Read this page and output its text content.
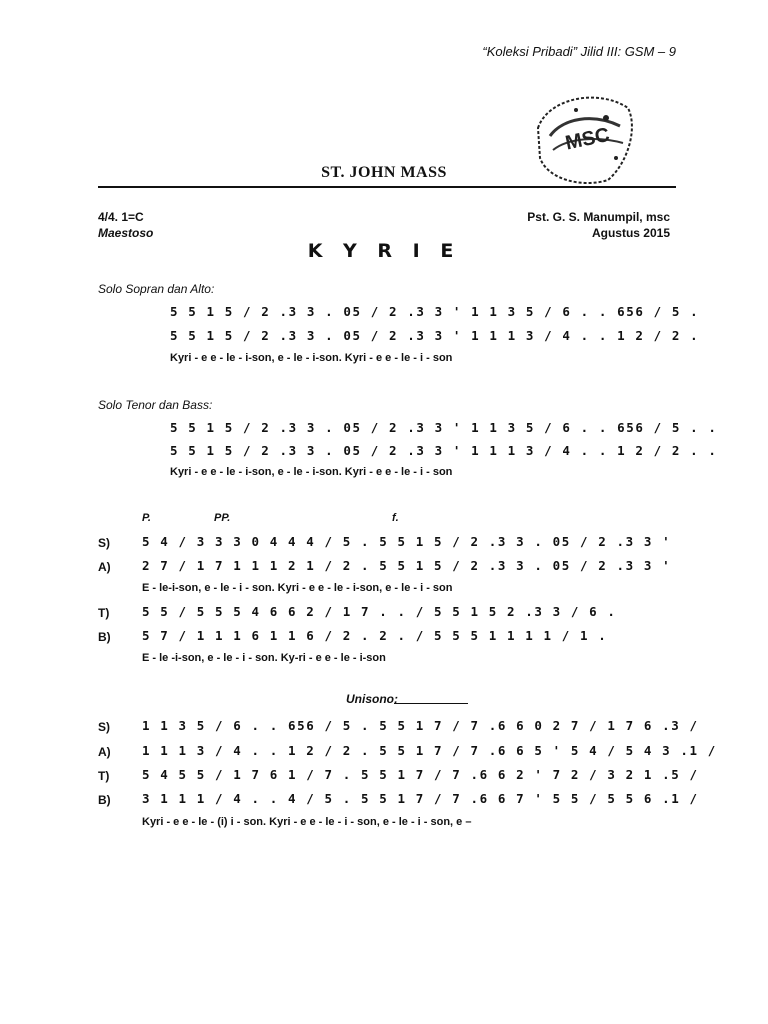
“Koleksi Pribadi” Jilid III: GSM – 9
MSC
ST. JOHN MASS
4/4. 1=C
Maestoso
Pst. G. S. Manumpil, msc
Agustus 2015
K Y R I E
Solo Sopran dan Alto:
5 5 1 5 / 2 .3 3 . 05 / 2 .3 3 ' 1 1 3 5 / 6 . . 656 / 5 .
5 5 1 5 / 2 .3 3 . 05 / 2 .3 3 ' 1 1 1 3 / 4 . . 1 2 / 2 .
Kyri - e e - le - i-son, e - le - i-son. Kyri - e e - le - i - son
Solo Tenor dan Bass:
5 5 1 5 / 2 .3 3 . 05 / 2 .3 3 ' 1 1 3 5 / 6 . . 656 / 5 . .
5 5 1 5 / 2 .3 3 . 05 / 2 .3 3 ' 1 1 1 3 / 4 . . 1 2 / 2 . .
Kyri - e e - le - i-son, e - le - i-son. Kyri - e e - le - i - son
P.	PP.	f.
S)	5 4 / 3 3 3 0 4 4 4 / 5 . 5 5 1 5 / 2 .3 3 . 05 / 2 .3 3 '
A)	2 7 / 1 7 1 1 1 2 1 / 2 . 5 5 1 5 / 2 .3 3 . 05 / 2 .3 3 '
E - le-i-son, e - le - i - son. Kyri - e e - le - i-son, e - le - i - son
T)	5 5 / 5 5 5 4 6 6 2 / 1 7 . . / 5 5 1 5 2 .3 3 / 6 .
B)	5 7 / 1 1 1 6 1 1 6 / 2 . 2 . / 5 5 5 1 1 1 1 / 1 .
E - le -i-son, e - le - i - son. Ky-ri - e e - le - i-son
Unisono:
S)	1 1 3 5 / 6 . . 656 / 5 . 5 5 1 7 / 7 .6 6 0 2 7 / 1 7 6 .3 /
A)	1 1 1 3 / 4 . . 1 2 / 2 . 5 5 1 7 / 7 .6 6 5 ' 5 4 / 5 4 3 .1 /
T)	5 4 5 5 / 1 7 6 1 / 7 . 5 5 1 7 / 7 .6 6 2 ' 7 2 / 3 2 1 .5 /
B)	3 1 1 1 / 4 . . 4 / 5 . 5 5 1 7 / 7 .6 6 7 ' 5 5 / 5 5 6 .1 /
Kyri - e e - le - (i) i - son. Kyri - e e - le - i - son, e - le - i - son, e –
